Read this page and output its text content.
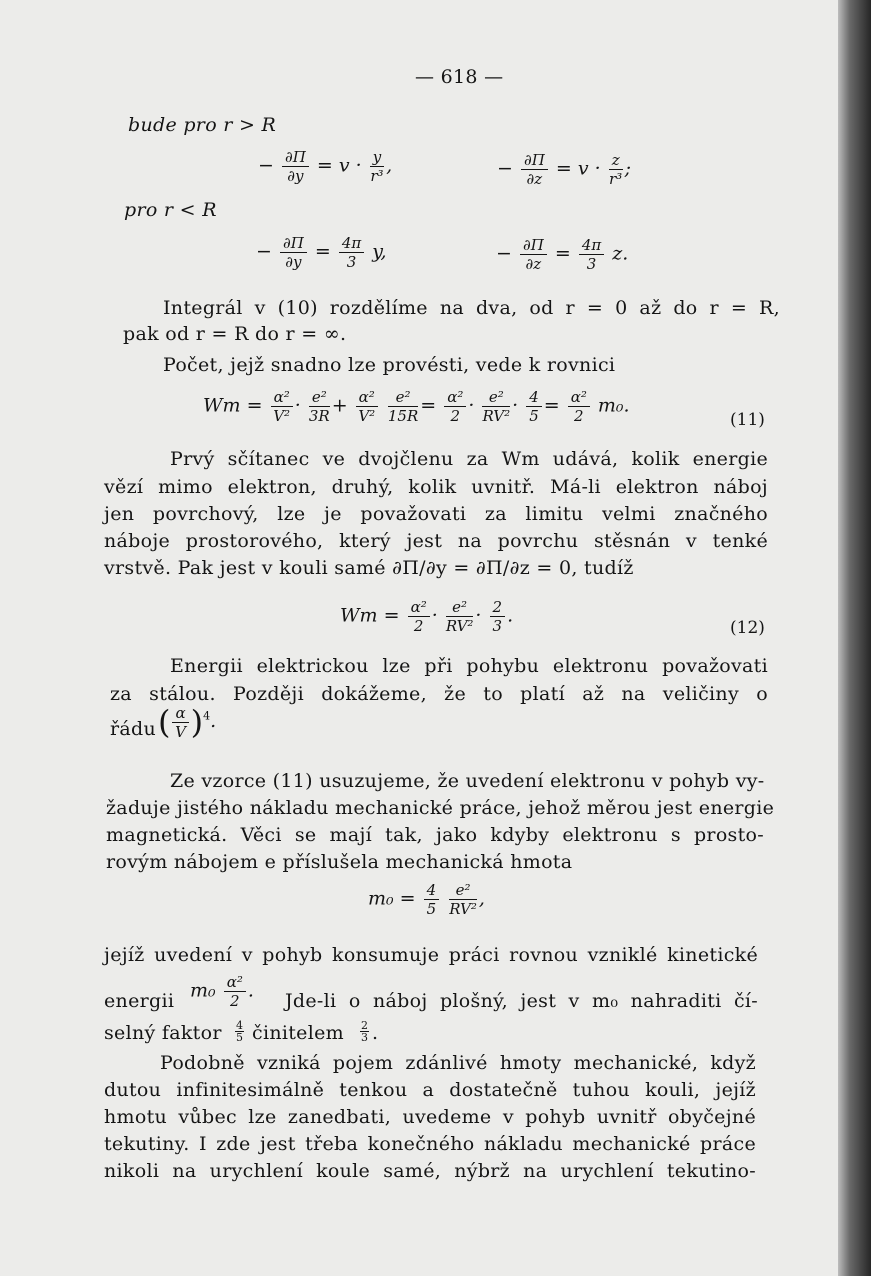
— 618 —
bude pro r > R
− $\frac{\partial\Pi}{\partial y} = v \cdot \frac{y}{\text{r³}}$ ,	− $\frac{\partial\Pi}{\partial z} = v \cdot \frac{z}{\text{r³}}$ ;
pro r < R
− $\frac{\partial\Pi}{\partial y} = \frac{4\pi}{3} y$,	− $\frac{\partial\Pi}{\partial z} = \frac{4\pi}{3} z$.
Integrál v (10) rozdělíme na dva, od r = 0 až do r = R,
pak od r = R do r = ∞.
Počet, jejž snadno lze provésti, vede k rovnici
$Wm = \frac{\text{α²}}{\text{V²}} \cdot \frac{\text{e²}}{3R} + \frac{\text{α²}}{\text{V²}}$
$\frac{\text{e²}}{15R} = \frac{\text{α²}}{2} \cdot \frac{\text{e²}}{\text{RV²}} \cdot \frac{4}{5} = \frac{\text{α²}}{2} m_0$.
(11)
Prvý sčítanec ve dvojčlenu za Wm udává, kolik energie
vězí mimo elektron, druhý, kolik uvnitř. Má-li elektron náboj
jen povrchový, lze je považovati za limitu velmi značného
náboje prostorového, který jest na povrchu stěsnán v tenké
vrstvě. Pak jest v kouli samé ∂Π/∂y = ∂Π/∂z = 0, tudíž
$Wm = \frac{\text{α²}}{2} \cdot \frac{\text{e²}}{\text{RV²}} \cdot \frac{2}{3}$ .
(12)
Energii elektrickou lze při pohybu elektronu považovati
za stálou. Později dokážeme, že to platí až na veličiny o
řádu ( $\frac{\alpha}{V} )^4$.
Ze vzorce (11) usuzujeme, že uvedení elektronu v pohyb vy-
žaduje jistého nákladu mechanické práce, jehož měrou jest energie
magnetická. Věci se mají tak, jako kdyby elektronu s prosto-
rovým nábojem e příslušela mechanická hmota
$m_0 = \frac{4}{5}$
$\frac{\text{e²}}{\text{RV²}}$ ,
jejíž uvedení v pohyb konsumuje práci rovnou vzniklé kinetické
energii $m_0 \frac{\text{α²}}{2}$ . Jde-li o náboj plošný, jest v m₀ nahraditi čí-
selný faktor 4
5 činitelem 2
3 .
Podobně vzniká pojem zdánlivé hmoty mechanické, když
dutou infinitesimálně tenkou a dostatečně tuhou kouli, jejíž
hmotu vůbec lze zanedbati, uvedeme v pohyb uvnitř obyčejné
tekutiny. I zde jest třeba konečného nákladu mechanické práce
nikoli na urychlení koule samé, nýbrž na urychlení tekutino-
